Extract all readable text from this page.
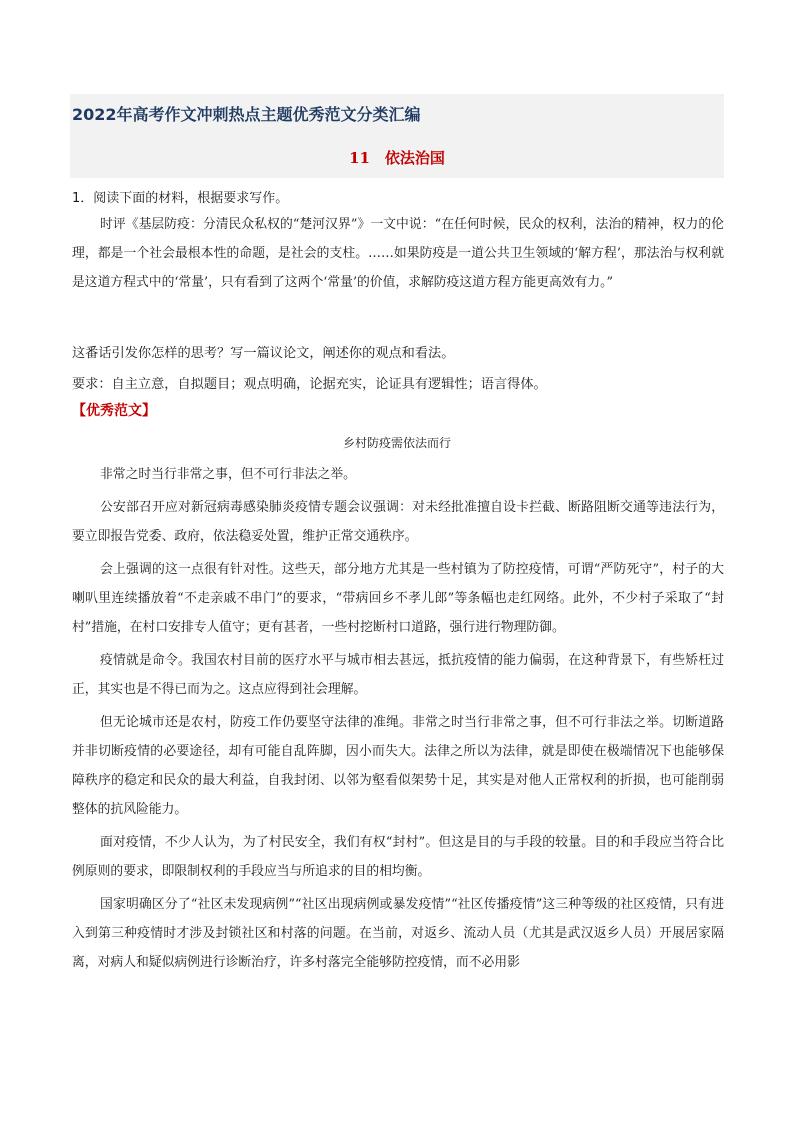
2022年高考作文冲刺热点主题优秀范文分类汇编
11　依法治国
1．阅读下面的材料，根据要求写作。

时评《基层防疫：分清民众私权的“楚河汉界”》一文中说：“在任何时候，民众的权利，法治的精神，权力的伦理，都是一个社会最根本性的命题，是社会的支柱。……如果防疫是一道公共卫生领域的‘解方程’，那法治与权利就是这道方程式中的‘常量’，只有看到了这两个‘常量’的价值，求解防疫这道方程方能更高效有力。”

这番话引发你怎样的思考？写一篇议论文，阐述你的观点和看法。
要求：自主立意，自拟题目；观点明确，论据充实，论证具有逻辑性；语言得体。
【优秀范文】
乡村防疫需依法而行

非常之时当行非常之事，但不可行非法之举。

公安部召开应对新冠病毒感染肺炎疫情专题会议强调：对未经批准擅自设卡拦截、断路阻断交通等违法行为，要立即报告党委、政府，依法稳妥处置，维护正常交通秩序。

会上强调的这一点很有针对性。这些天，部分地方尤其是一些村镇为了防控疫情，可谓“严防死守”，村子的大喇叭里连续播放着“不走亲戚不串门”的要求，“带病回乡不孝儿郎”等条幅也走红网络。此外，不少村子采取了“封村”措施，在村口安排专人值守；更有甚者，一些村挖断村口道路，强行进行物理防御。

疫情就是命令。我国农村目前的医疗水平与城市相去甚远，抵抗疫情的能力偏弱，在这种背景下，有些矫枉过正，其实也是不得已而为之。这点应得到社会理解。

但无论城市还是农村，防疫工作仍要坚守法律的准绳。非常之时当行非常之事，但不可行非法之举。切断道路并非切断疫情的必要途径，却有可能自乱阵脚，因小而失大。法律之所以为法律，就是即使在极端情况下也能够保障秩序的稳定和民众的最大利益，自我封闭、以邻为壑看似架势十足，其实是对他人正常权利的折损，也可能削弱整体的抗风险能力。

面对疫情，不少人认为，为了村民安全，我们有权“封村”。但这是目的与手段的较量。目的和手段应当符合比例原则的要求，即限制权利的手段应当与所追求的目的相均衡。

国家明确区分了“社区未发现病例”“社区出现病例或暴发疫情”“社区传播疫情”这三种等级的社区疫情，只有进入到第三种疫情时才涉及封锁社区和村落的问题。在当前，对返乡、流动人员（尤其是武汉返乡人员）开展居家隔离，对病人和疑似病例进行诊断治疗，许多村落完全能够防控疫情，而不必用影
